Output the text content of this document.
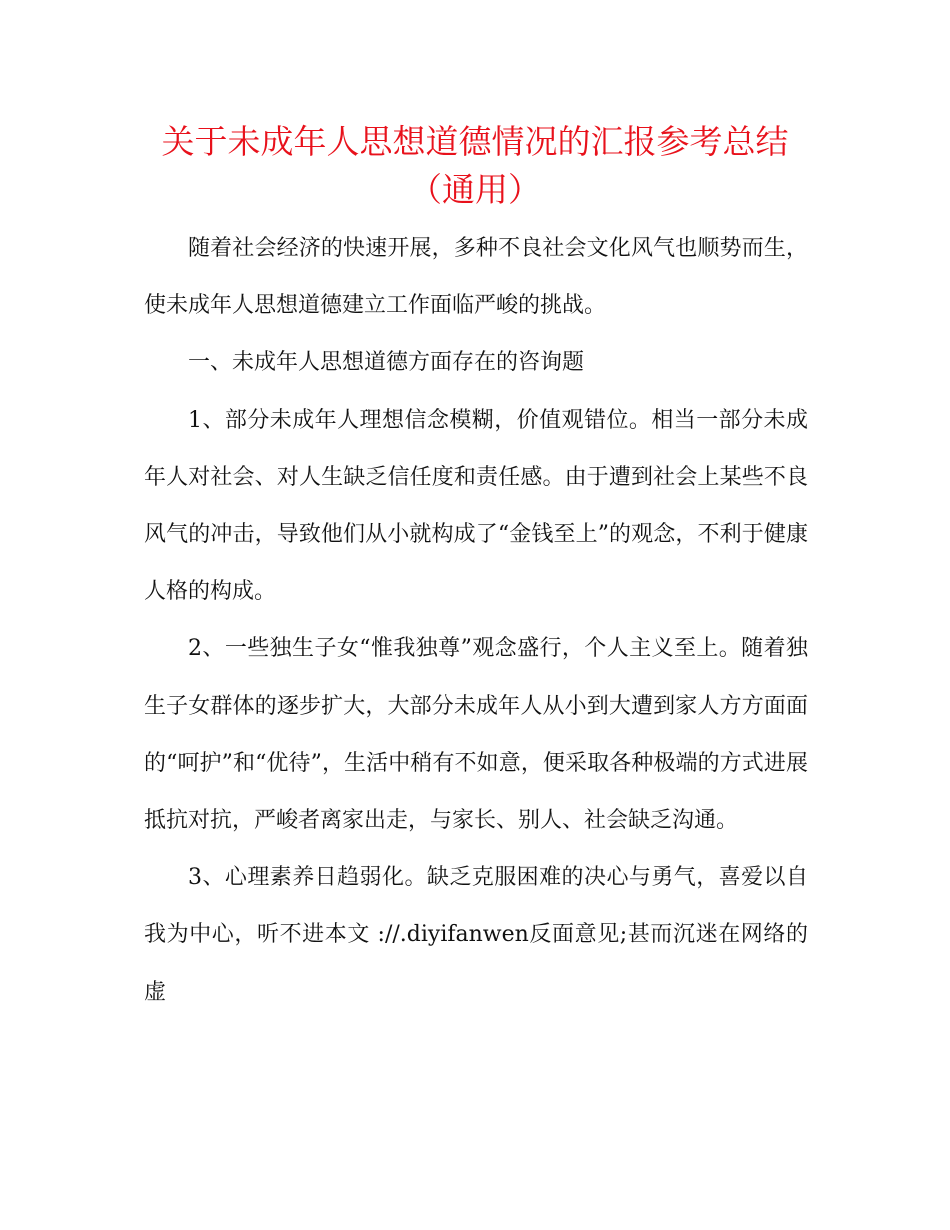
关于未成年人思想道德情况的汇报参考总结（通用）

随着社会经济的快速开展，多种不良社会文化风气也顺势而生，使未成年人思想道德建立工作面临严峻的挑战。

一、未成年人思想道德方面存在的咨询题

1、部分未成年人理想信念模糊，价值观错位。相当一部分未成年人对社会、对人生缺乏信任度和责任感。由于遭到社会上某些不良风气的冲击，导致他们从小就构成了“金钱至上”的观念，不利于健康人格的构成。

2、一些独生子女“惟我独尊”观念盛行，个人主义至上。随着独生子女群体的逐步扩大，大部分未成年人从小到大遭到家人方方面面的“呵护”和“优待”，生活中稍有不如意，便采取各种极端的方式进展抵抗对抗，严峻者离家出走，与家长、别人、社会缺乏沟通。

3、心理素养日趋弱化。缺乏克服困难的决心与勇气，喜爱以自我为中心，听不进本文 ://.diyifanwen反面意见;甚而沉迷在网络的虚
